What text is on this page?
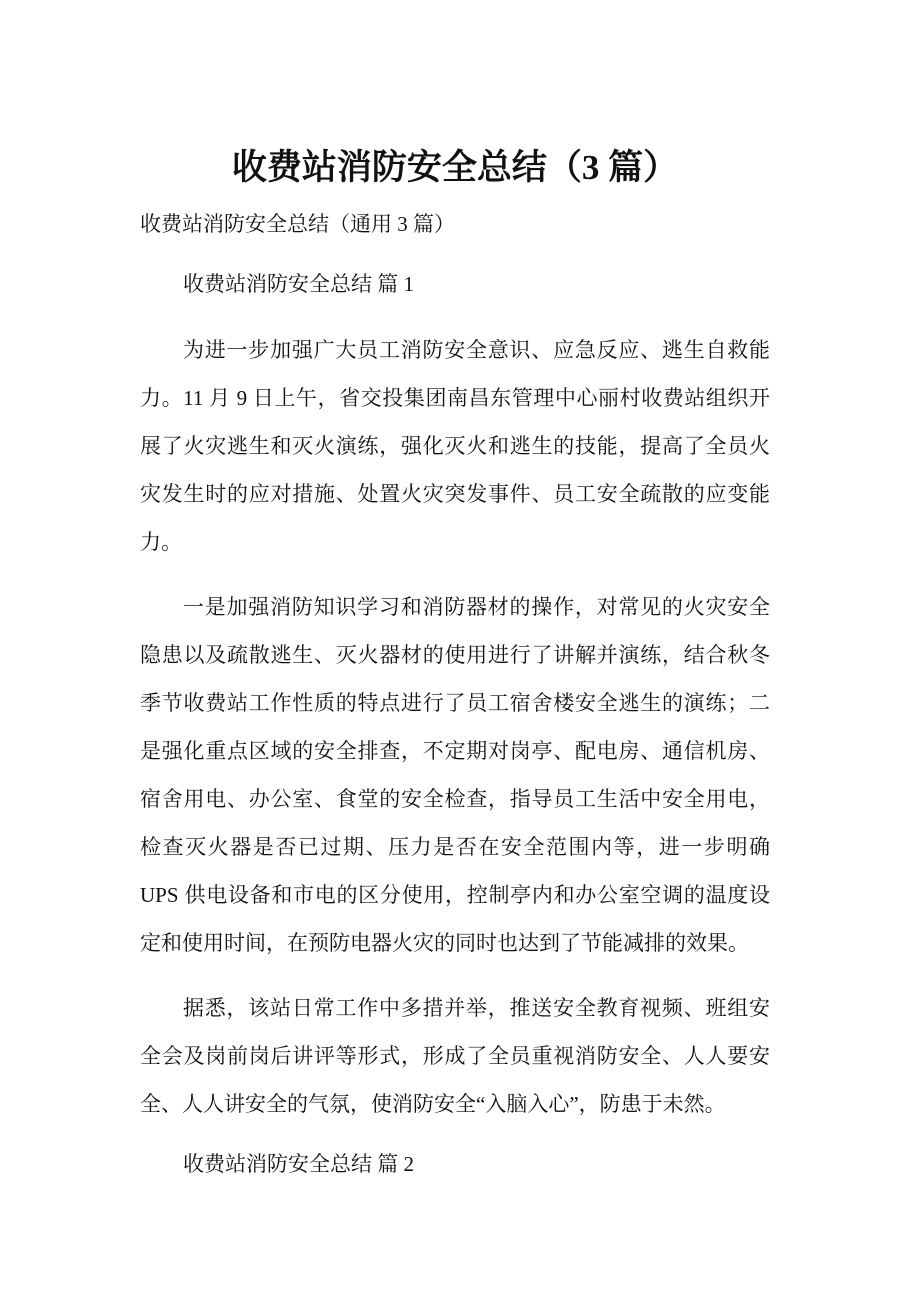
收费站消防安全总结（3 篇）
收费站消防安全总结（通用 3 篇）
收费站消防安全总结 篇 1
为进一步加强广大员工消防安全意识、应急反应、逃生自救能
力。11 月 9 日上午，省交投集团南昌东管理中心丽村收费站组织开
展了火灾逃生和灭火演练，强化灭火和逃生的技能，提高了全员火
灾发生时的应对措施、处置火灾突发事件、员工安全疏散的应变能
力。
一是加强消防知识学习和消防器材的操作，对常见的火灾安全
隐患以及疏散逃生、灭火器材的使用进行了讲解并演练，结合秋冬
季节收费站工作性质的特点进行了员工宿舍楼安全逃生的演练；二
是强化重点区域的安全排查，不定期对岗亭、配电房、通信机房、
宿舍用电、办公室、食堂的安全检查，指导员工生活中安全用电，
检查灭火器是否已过期、压力是否在安全范围内等，进一步明确
UPS 供电设备和市电的区分使用，控制亭内和办公室空调的温度设
定和使用时间，在预防电器火灾的同时也达到了节能减排的效果。
据悉，该站日常工作中多措并举，推送安全教育视频、班组安
全会及岗前岗后讲评等形式，形成了全员重视消防安全、人人要安
全、人人讲安全的气氛，使消防安全“入脑入心”，防患于未然。
收费站消防安全总结 篇 2
